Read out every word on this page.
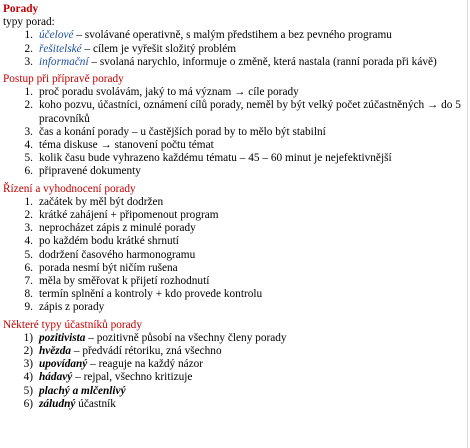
Porady

typy porad:

1. účelové – svolávané operativně, s malým předstihem a bez pevného programu
2. řešitelské – cílem je vyřešit složitý problém
3. informační – svolaná narychlo, informuje o změně, která nastala (ranní porada při kávě)

Postup při přípravě porady

1. proč poradu svolávám, jaký to má význam → cíle porady
2. koho pozvu, účastníci, oznámení cílů porady, neměl by být velký počet zúčastněných → do 5 pracovníků
3. čas a konání porady – u častějších porad by to mělo být stabilní
4. téma diskuse → stanovení počtu témat
5. kolik času bude vyhrazeno každému tématu – 45 – 60 minut je nejefektivnější
6. připravené dokumenty

Řízení a vyhodnocení porady

1. začátek by měl být dodržen
2. krátké zahájení + připomenout program
3. neprocházet zápis z minulé porady
4. po každém bodu krátké shrnutí
5. dodržení časového harmonogramu
6. porada nesmí být ničím rušena
7. měla by směřovat k přijetí rozhodnutí
8. termín splnění a kontroly + kdo provede kontrolu
9. zápis z porady

Některé typy účastníků porady

1) pozitivista – pozitivně působí na všechny členy porady
2) hvězda – předvádí rétoriku, zná všechno
3) upovídaný – reaguje na každý názor
4) hádavý – rejpal, všechno kritizuje
5) plachý a mlčenlivý
6) záludný účastník
